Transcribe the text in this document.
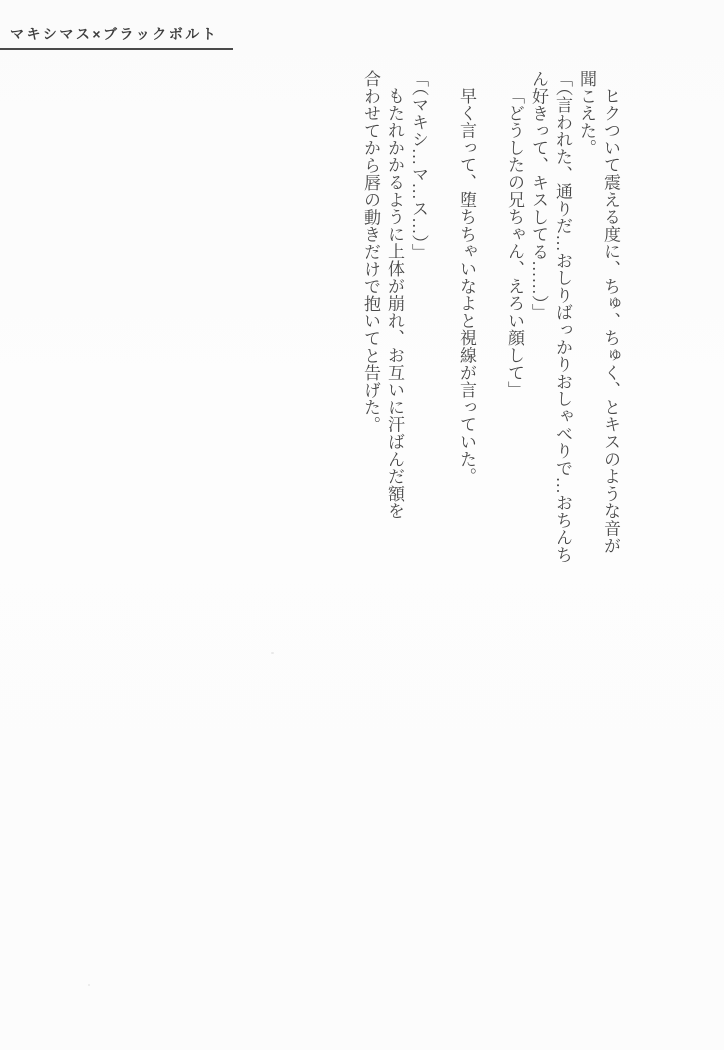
マキシマス×ブラックボルト

ヒクついて震える度に、ちゅ、ちゅく、とキスのような音が

聞こえた。

「（言われた、通りだ…おしりばっかりおしゃべりで…おちんち

ん好きって、キスしてる……）」

「どうしたの兄ちゃん、えろい顔して」

早く言って、堕ちちゃいなよと視線が言っていた。

「（マキシ…マ…ス…）」

もたれかかるように上体が崩れ、お互いに汗ばんだ額を

合わせてから唇の動きだけで抱いてと告げた。
